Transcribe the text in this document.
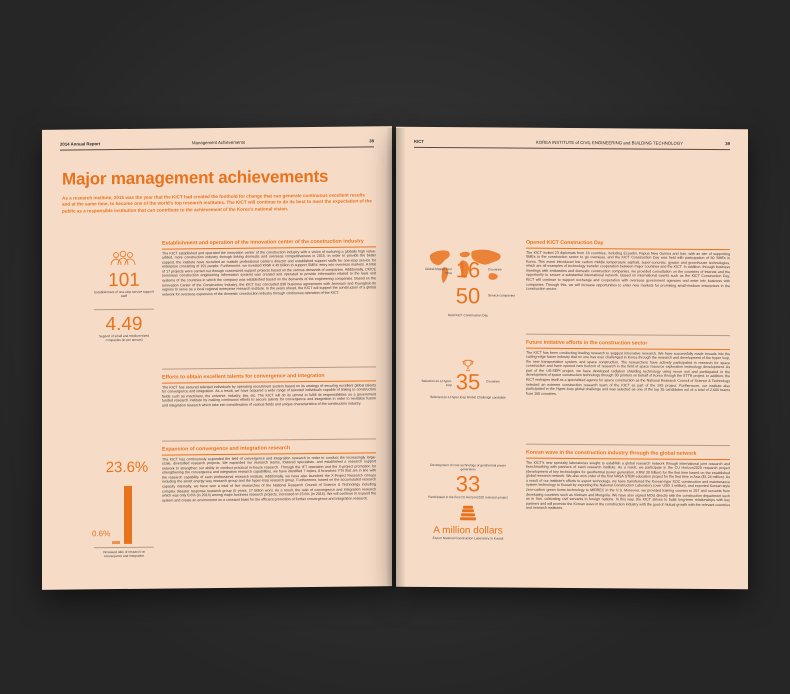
2014 Annual Report	Management Achievements	38
Major management achievements
As a research institute, 2015 was the year that the KICT had created the foothold for change that can generate continuous excellent results and at the same time, to become one of the world's top research institutes. The KICT will continue to do its best to meet the expectation of the public as a responsible institution that can contribute to the achievement of the Korea's national vision.
101
Establishment of one-stop service support staff
4.49
Support of small and medium-sized companies (in per annum)
23.6%
0.6%
Increased ratio of research on convergence and integration
Establishment and operation of the innovation center of the construction industry

The KICT established and operated the innovation center of the construction industry with a vision of nurturing a globally high value-added, more construction industry through linking domestic and overseas competitiveness in 2015. In order to provide the better support, the institute have recruited an outside professional center's director and established support staffs for one-stop service for enterprise consisting of 101 people. Furthermore, we invested KRW 4.49 billion to support SMEs' entry into overseas markets. A total of 17 projects were carried out through customized support projects based on the various demands of companies. Additionally, CKICE (overseas construction engineering information system) was created and operated to provide information related to the laws and systems of the countries in which the company was established based on the demands of the engineering companies. Based on the Innovation Center of the Construction Industry, the KICT has concluded 030 business agreements with Jeonnam and Kyungbuk-do regions to serve as a local regional enterprise research institute. In the years ahead, the KICT will support the construction of a global network for overseas expansion of the domestic construction industry through continuous operation of the KICT.

Efforts to obtain excellent talents for convergence and integration

The KICT has secured talented individuals by operating recruitment system based on its strategy of securing excellent global talents for convergence and integration. As a result, we have acquired a wide range of talented individuals capable of linking to construction fields such as machinery, the universe, industry, law, etc. The KICT will do its utmost to fulfill its responsibilities as a government funded research institute by making continuous efforts to secure talents for convergence and integration in order to revitalize fusion and integration research which take into consideration of various fields and unique characteristics of the construction industry.

Expansion of convergence and integration research

The KICT has continuously expanded the field of convergence and integration research in order to conduct the increasingly large-scale, diversified research projects. We expanded our research teams, fostered specialists, and established a research support network to strengthen our ability to conduct practical in-house research. Through the IFT operation and the X-project promotion for strengthening the convergence and integration research capabilities, we have identified 7 topics, 8 branches: FTs that are in line with the research capability of each professional research institute. Additionally, we have also launched the X-Project Research Groups including the smart energy way research group and the hyper-loop research group. Furthermore, based on the accumulated research capacity internally, we have won a total of five researches of the National Research Council of Science & Technology including complex disaster response research group (5 years, 27 billion won). As a result, the ratio of convergence and integration research which was only 0.6% (in 2014) among major business research projects, increased to 23.6% (in 2016). We will continue to expand the system and create an environment on a constant basis for the efficient promotion of further convergence and integration research.

KICT	KOREA INSTITUTE of CIVIL ENGINEERING and BUILDING TECHNOLOGY	39
16
Global Master Tour Pros
Countries
50	Service companies
Held KICT Construction Day
35
Selection as a Hyper-loop
Countries
Selected as a Hyper-loop Global Challenge candidate
Development of core technology of geothermal power generation
33
Participated in the first CU Horizon2020 research project
A million dollars
Export National Construction Laboratory to Kuwait
Opened KICT Construction Day

The KICT invited 23 diplomats from 16 countries, including Ecuador, Papua New Guinea and Iran, with an aim of supporting SMEs in the construction sector to go overseas, and the KICT Construction Day was held with participation of 50 SMEs in Korea. This event introduced low carbon middle temperature asphalt, super-concrete, gyrator and greenhouse technologies, which are all examples of technology transfer cooperation between major countries and the KICT. In addition, through business meetings with embassies and domestic construction companies, we provided consultation on the countries of interest and the opportunity to secure a substantial international network. Based on international events such as the KICT Construction Day, KICT will continue to support exchange and cooperation with overseas government agencies and enter into business with companies. Through this, we will increase opportunities to enter new markets for promising small-medium enterprises in the construction sector.

Future initiative efforts in the construction sector

The KICT has been conducting leading research to suggest innovative research. We have successfully made inroads into the cutting-edge future industry that no one has ever challenged in Korea through the research and development of the hyper loop, the new transportation system, and space construction. The researchers have actively participated in research for space construction and have opened new horizon of research in the field of space resource exploration technology development. As part of the US-SEPI project, we have developed radiation shielding technology using moon soil and participated in the development of space construction technology through 3D printers on behalf of Korea through the STTR project. In addition, the KICT reshapes itself as a specialized agency for space construction as the National Research Council of Science & Technology selected an extreme construction research team of the KICT as part of the SIG project. Furthermore, our institute also participated in the Hyper-loop global challenge and was selected as one of the top 35 candidates out of a total of 2,600 teams from 160 countries.

Korean wave in the construction industry through the global network

The KICT's new specialty laboratories sought to establish a global research network through international joint research and benchmarking with partners of each research institute. As a result, we participate in the CU Horizon2020 research project (development of key technologies for geothermal power generation, KRW 30 billion) for the first time based on the established global research network. We also won order of the first NASA STEM education project for the first time in Asia ($1.24 million). As a result of our institute's efforts to export technology, we have transferred the Korean-type SOC construction and maintenance system technology to Kuwait by exporting the National Construction Laboratory (over USD 1 million), and exported Korean-style zero-carbon green home technology to MIRREC in the U.S. Moreover, we provided training courses to 257 civil servants from developing countries such as Vietnam and Mongolia. We have also signed MOU directly with the construction department such as in Iran, cultivating civil servants in foreign nations. In this way, the KICT strives to build long-term relationships with key partners and will promote the Korean wave in the construction industry with the goal of mutual growth with the relevant countries and research institutes.
